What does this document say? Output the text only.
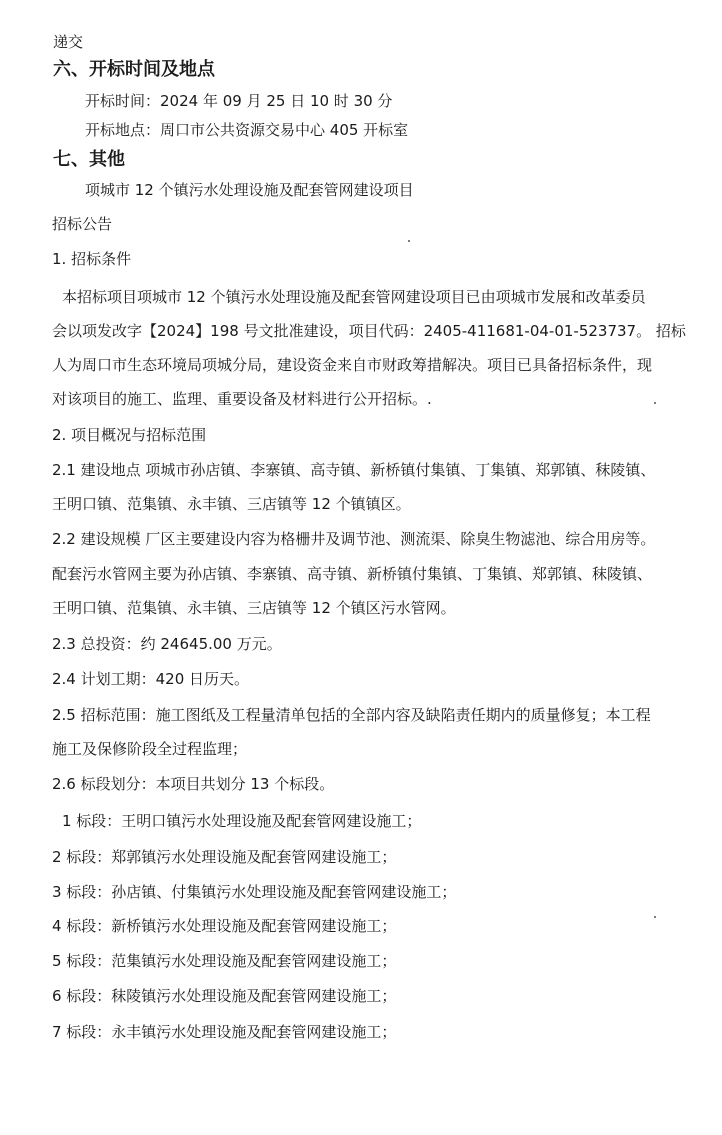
递交
六、开标时间及地点
开标时间：2024 年 09 月 25 日 10 时 30 分
开标地点：周口市公共资源交易中心 405 开标室
七、其他
项城市 12 个镇污水处理设施及配套管网建设项目
招标公告
1. 招标条件
本招标项目项城市 12 个镇污水处理设施及配套管网建设项目已由项城市发展和改革委员
会以项发改字【2024】198 号文批准建设，项目代码：2405-411681-04-01-523737。 招标
人为周口市生态环境局项城分局，建设资金来自市财政筹措解决。项目已具备招标条件，现
对该项目的施工、监理、重要设备及材料进行公开招标。.
2. 项目概况与招标范围
2.1 建设地点 项城市孙店镇、李寨镇、高寺镇、新桥镇付集镇、丁集镇、郑郭镇、秣陵镇、
王明口镇、范集镇、永丰镇、三店镇等 12 个镇镇区。
2.2 建设规模 厂区主要建设内容为格栅井及调节池、测流渠、除臭生物滤池、综合用房等。
配套污水管网主要为孙店镇、李寨镇、高寺镇、新桥镇付集镇、丁集镇、郑郭镇、秣陵镇、
王明口镇、范集镇、永丰镇、三店镇等 12 个镇区污水管网。
2.3 总投资：约 24645.00 万元。
2.4 计划工期：420 日历天。
2.5 招标范围：施工图纸及工程量清单包括的全部内容及缺陷责任期内的质量修复；本工程
施工及保修阶段全过程监理；
2.6 标段划分：本项目共划分 13 个标段。
1 标段：王明口镇污水处理设施及配套管网建设施工；
2 标段：郑郭镇污水处理设施及配套管网建设施工；
3 标段：孙店镇、付集镇污水处理设施及配套管网建设施工；
4 标段：新桥镇污水处理设施及配套管网建设施工；
5 标段：范集镇污水处理设施及配套管网建设施工；
6 标段：秣陵镇污水处理设施及配套管网建设施工；
7 标段：永丰镇污水处理设施及配套管网建设施工；
